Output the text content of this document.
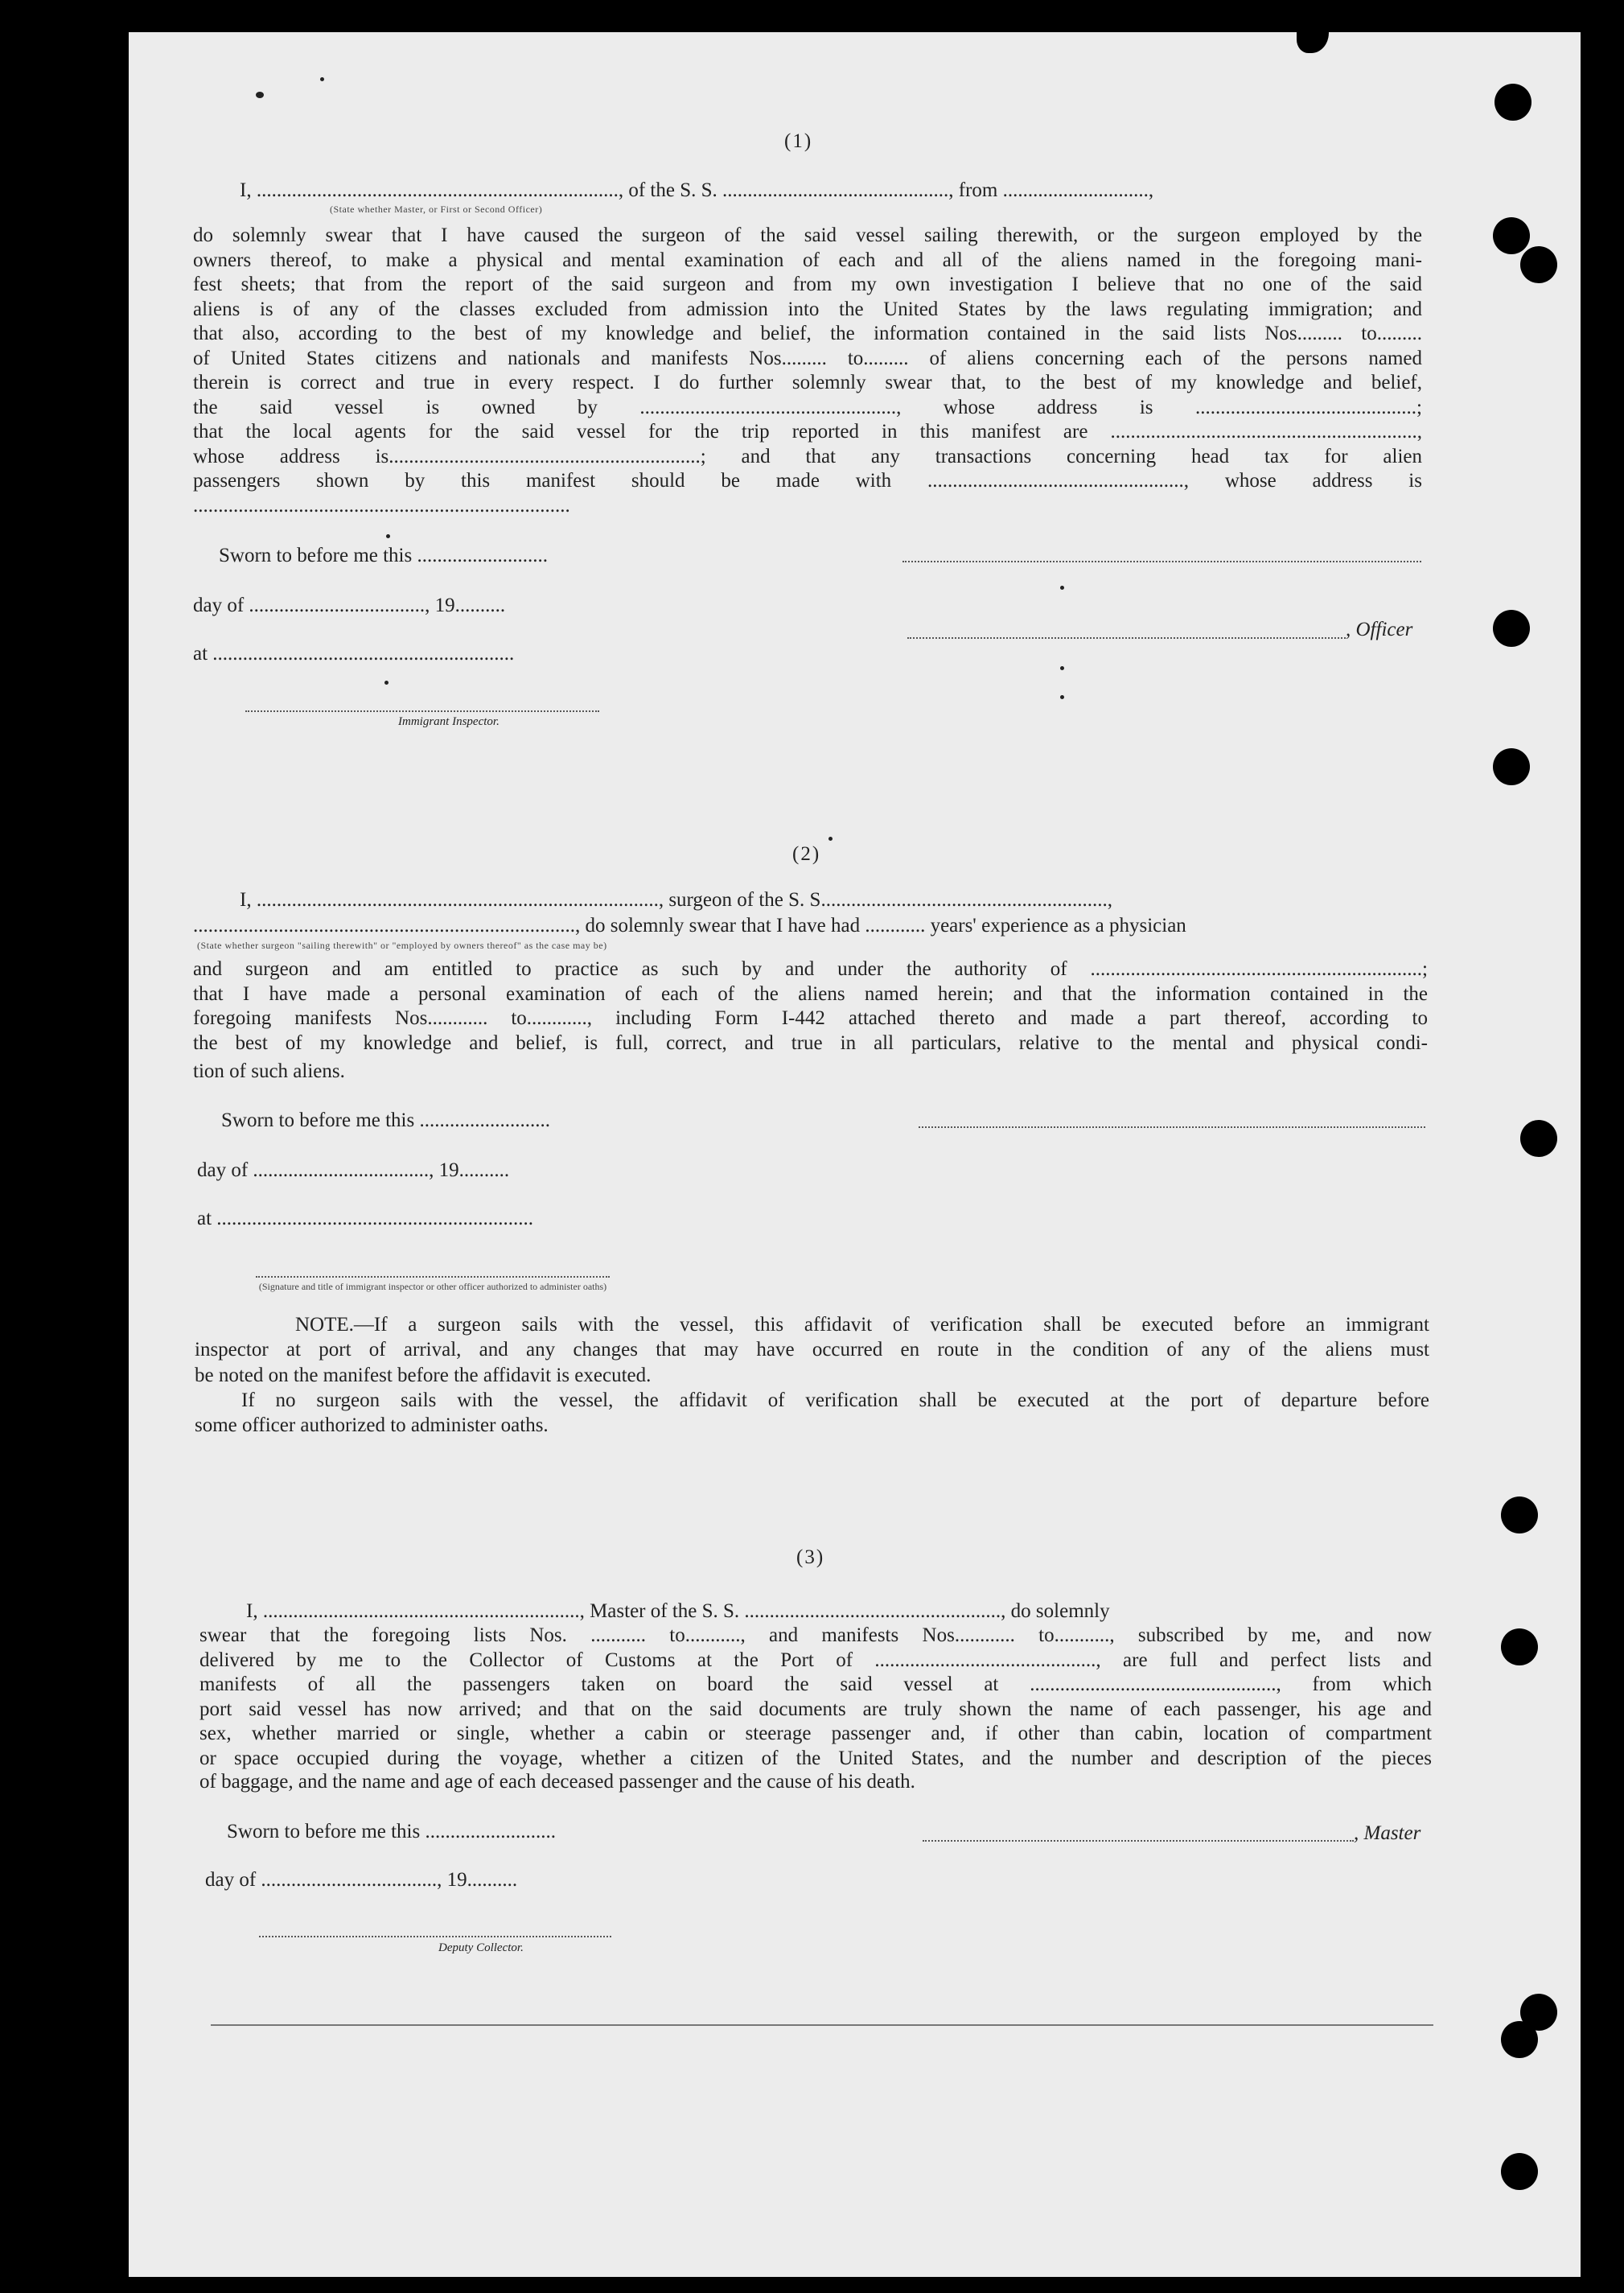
(1)
I, ........................................................................, of the S. S. ............................................., from .............................,
(State whether Master, or First or Second Officer)
do solemnly swear that I have caused the surgeon of the said vessel sailing therewith, or the surgeon employed by the
owners thereof, to make a physical and mental examination of each and all of the aliens named in the foregoing mani-
fest sheets; that from the report of the said surgeon and from my own investigation I believe that no one of the said
aliens is of any of the classes excluded from admission into the United States by the laws regulating immigration; and
that also, according to the best of my knowledge and belief, the information contained in the said lists Nos......... to.........
of United States citizens and nationals and manifests Nos......... to......... of aliens concerning each of the persons named
therein is correct and true in every respect. I do further solemnly swear that, to the best of my knowledge and belief,
the said vessel is owned by ..................................................., whose address is ............................................;
that the local agents for the said vessel for the trip reported in this manifest are .............................................................,
whose address is..............................................................; and that any transactions concerning head tax for alien
passengers shown by this manifest should be made with ..................................................., whose address is
...........................................................................
Sworn to before me this ..........................
day of ..................................., 19..........
at ............................................................
, Officer
Immigrant Inspector.
(2)
I, ................................................................................, surgeon of the S. S.........................................................,
............................................................................, do solemnly swear that I have had ............ years' experience as a physician
(State whether surgeon "sailing therewith" or "employed by owners thereof" as the case may be)
and surgeon and am entitled to practice as such by and under the authority of ..................................................................;
that I have made a personal examination of each of the aliens named herein; and that the information contained in the
foregoing manifests Nos............ to............, including Form I-442 attached thereto and made a part thereof, according to
the best of my knowledge and belief, is full, correct, and true in all particulars, relative to the mental and physical condi-
tion of such aliens.
Sworn to before me this ..........................
day of ..................................., 19..........
at ...............................................................
(Signature and title of immigrant inspector or other officer authorized to administer oaths)
NOTE.—If a surgeon sails with the vessel, this affidavit of verification shall be executed before an immigrant
inspector at port of arrival, and any changes that may have occurred en route in the condition of any of the aliens must
be noted on the manifest before the affidavit is executed.
If no surgeon sails with the vessel, the affidavit of verification shall be executed at the port of departure before
some officer authorized to administer oaths.
(3)
I, ..............................................................., Master of the S. S. ..................................................., do solemnly
swear that the foregoing lists Nos. ........... to..........., and manifests Nos............ to..........., subscribed by me, and now
delivered by me to the Collector of Customs at the Port of ............................................, are full and perfect lists and
manifests of all the passengers taken on board the said vessel at ................................................., from which
port said vessel has now arrived; and that on the said documents are truly shown the name of each passenger, his age and
sex, whether married or single, whether a cabin or steerage passenger and, if other than cabin, location of compartment
or space occupied during the voyage, whether a citizen of the United States, and the number and description of the pieces
of baggage, and the name and age of each deceased passenger and the cause of his death.
Sworn to before me this ..........................	, Master
day of ..................................., 19..........
Deputy Collector.
